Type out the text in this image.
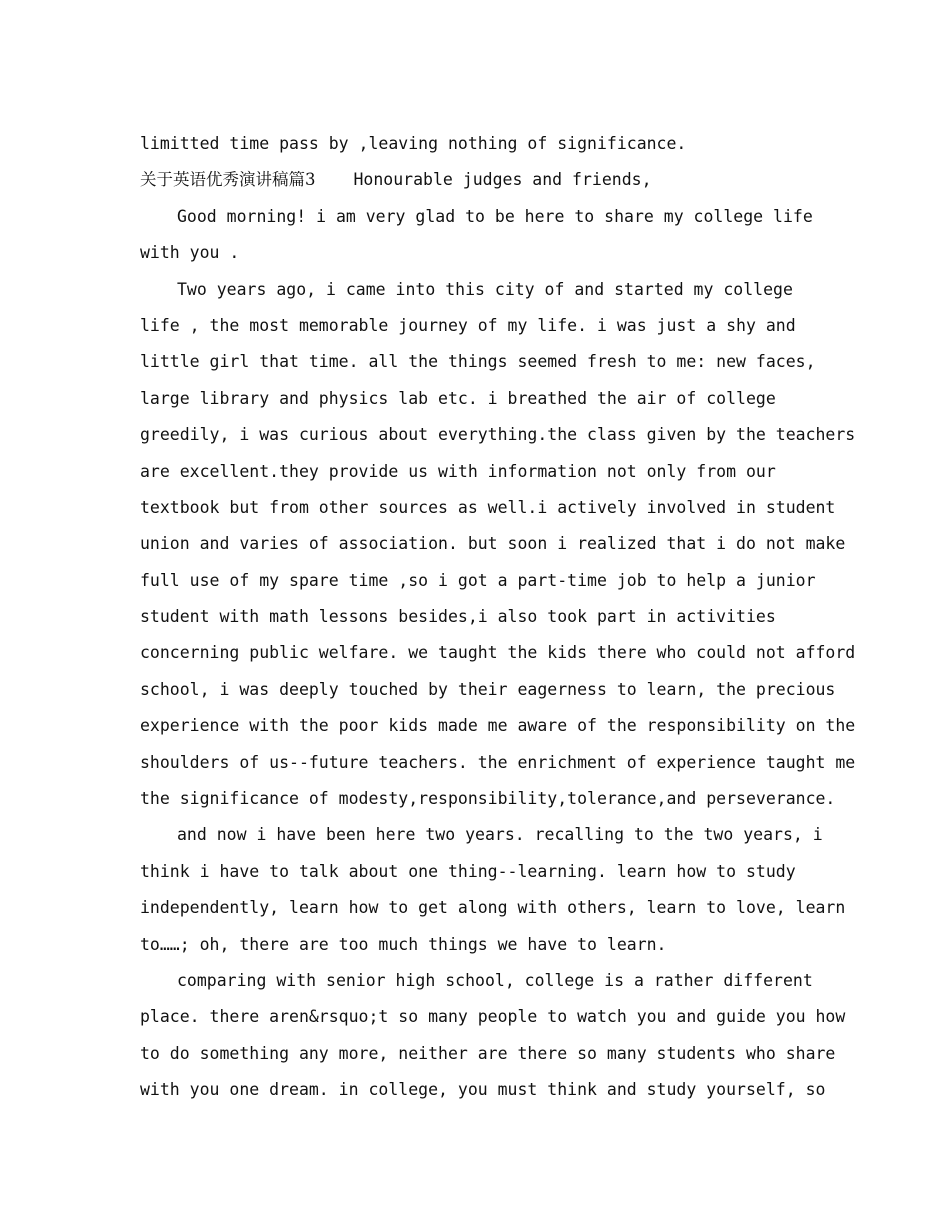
limitted time pass by ,leaving nothing of significance.

关于英语优秀演讲稿篇3 Honourable judges and friends,

Good morning! i am very glad to be here to share my college life

with you .

Two years ago, i came into this city of and started my college

life , the most memorable journey of my life. i was just a shy and

little girl that time. all the things seemed fresh to me: new faces,

large library and physics lab etc. i breathed the air of college

greedily, i was curious about everything.the class given by the teachers

are excellent.they provide us with information not only from our

textbook but from other sources as well.i actively involved in student

union and varies of association. but soon i realized that i do not make

full use of my spare time ,so i got a part-time job to help a junior

student with math lessons besides,i also took part in activities

concerning public welfare. we taught the kids there who could not afford

school, i was deeply touched by their eagerness to learn, the precious

experience with the poor kids made me aware of the responsibility on the

shoulders of us--future teachers. the enrichment of experience taught me

the significance of modesty,responsibility,tolerance,and perseverance.

and now i have been here two years. recalling to the two years, i

think i have to talk about one thing--learning. learn how to study

independently, learn how to get along with others, learn to love, learn

to……; oh, there are too much things we have to learn.

comparing with senior high school, college is a rather different

place. there aren&rsquo;t so many people to watch you and guide you how

to do something any more, neither are there so many students who share

with you one dream. in college, you must think and study yourself, so
